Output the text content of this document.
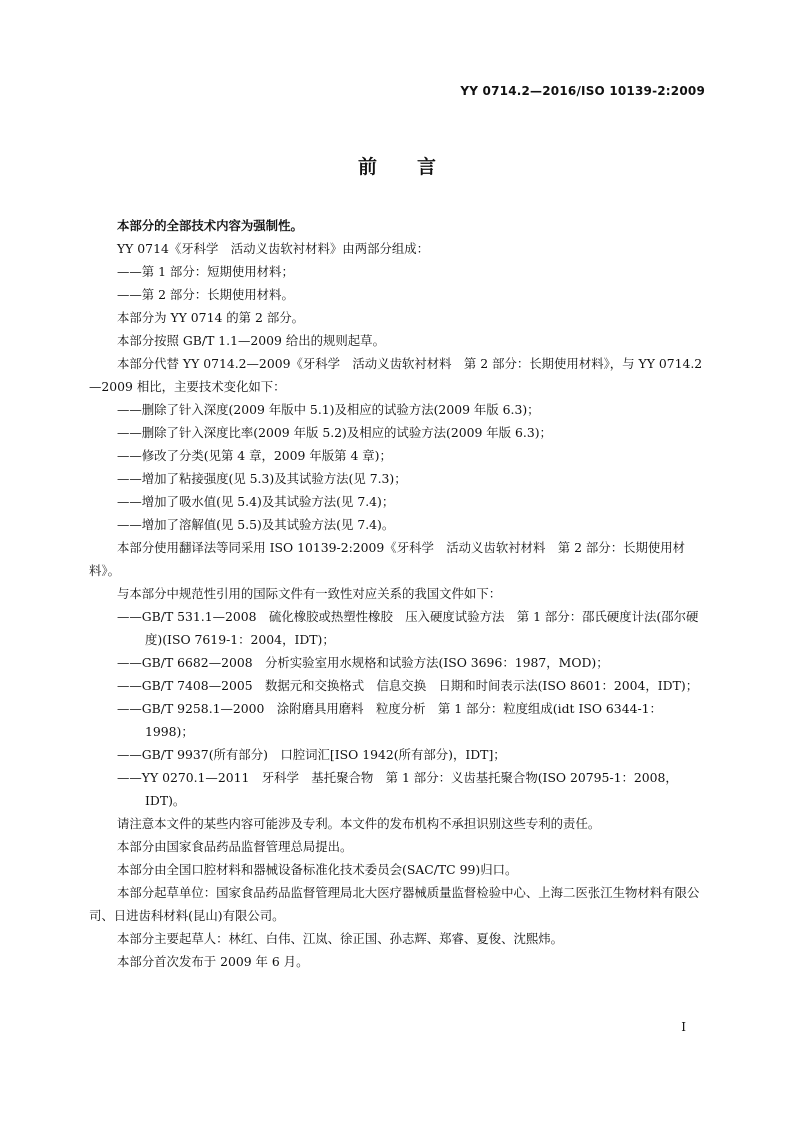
YY 0714.2—2016/ISO 10139-2:2009
前言

本部分的全部技术内容为强制性。

YY 0714《牙科学　活动义齿软衬材料》由两部分组成：

——第 1 部分：短期使用材料；

——第 2 部分：长期使用材料。

本部分为 YY 0714 的第 2 部分。

本部分按照 GB/T 1.1—2009 给出的规则起草。

本部分代替 YY 0714.2—2009《牙科学　活动义齿软衬材料　第 2 部分：长期使用材料》，与 YY 0714.2—2009 相比，主要技术变化如下：

——删除了针入深度(2009 年版中 5.1)及相应的试验方法(2009 年版 6.3)；

——删除了针入深度比率(2009 年版 5.2)及相应的试验方法(2009 年版 6.3)；

——修改了分类(见第 4 章，2009 年版第 4 章)；

——增加了粘接强度(见 5.3)及其试验方法(见 7.3)；

——增加了吸水值(见 5.4)及其试验方法(见 7.4)；

——增加了溶解值(见 5.5)及其试验方法(见 7.4)。

本部分使用翻译法等同采用 ISO 10139-2:2009《牙科学　活动义齿软衬材料　第 2 部分：长期使用材料》。

与本部分中规范性引用的国际文件有一致性对应关系的我国文件如下：

——GB/T 531.1—2008　硫化橡胶或热塑性橡胶　压入硬度试验方法　第 1 部分：邵氏硬度计法(邵尔硬度)(ISO 7619-1：2004，IDT)；

——GB/T 6682—2008　分析实验室用水规格和试验方法(ISO 3696：1987，MOD)；

——GB/T 7408—2005　数据元和交换格式　信息交换　日期和时间表示法(ISO 8601：2004，IDT)；

——GB/T 9258.1—2000　涂附磨具用磨料　粒度分析　第 1 部分：粒度组成(idt ISO 6344-1：1998)；

——GB/T 9937(所有部分)　口腔词汇[ISO 1942(所有部分)，IDT]；

——YY 0270.1—2011　牙科学　基托聚合物　第 1 部分：义齿基托聚合物(ISO 20795-1：2008，IDT)。

请注意本文件的某些内容可能涉及专利。本文件的发布机构不承担识别这些专利的责任。

本部分由国家食品药品监督管理总局提出。

本部分由全国口腔材料和器械设备标准化技术委员会(SAC/TC 99)归口。

本部分起草单位：国家食品药品监督管理局北大医疗器械质量监督检验中心、上海二医张江生物材料有限公司、日进齿科材料(昆山)有限公司。

本部分主要起草人：林红、白伟、江岚、徐正国、孙志辉、郑睿、夏俊、沈熙炜。

本部分首次发布于 2009 年 6 月。

I
